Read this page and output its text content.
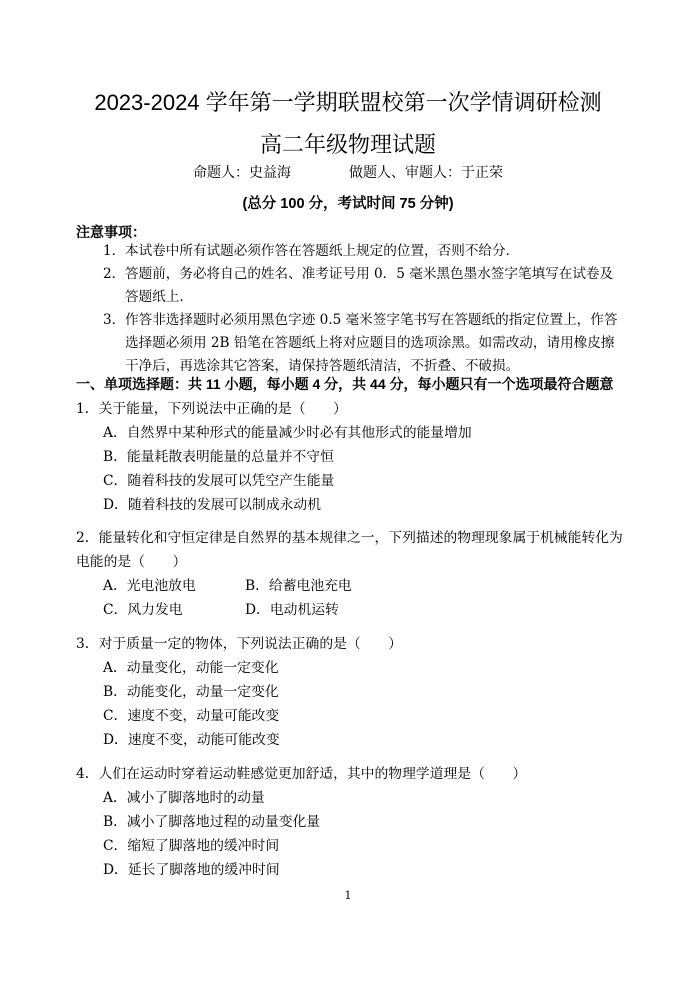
2023-2024 学年第一学期联盟校第一次学情调研检测
高二年级物理试题
命题人：史益海	做题人、审题人：于正荣
(总分 100 分，考试时间 75 分钟)
注意事项：
1． 本试卷中所有试题必须作答在答题纸上规定的位置，否则不给分．
2． 答题前，务必将自己的姓名、准考证号用 0．5 毫米黑色墨水签字笔填写在试卷及答题纸上．
3． 作答非选择题时必须用黑色字迹 0.5 毫米签字笔书写在答题纸的指定位置上，作答选择题必须用 2B 铅笔在答题纸上将对应题目的选项涂黑。如需改动，请用橡皮擦干净后，再选涂其它答案，请保持答题纸清洁，不折叠、不破损。
一、单项选择题：共 11 小题，每小题 4 分，共 44 分，每小题只有一个选项最符合题意
1．关于能量，下列说法中正确的是（　　）
A．自然界中某种形式的能量减少时必有其他形式的能量增加
B．能量耗散表明能量的总量并不守恒
C．随着科技的发展可以凭空产生能量
D．随着科技的发展可以制成永动机
2．能量转化和守恒定律是自然界的基本规律之一，下列描述的物理现象属于机械能转化为电能的是（　　）
A．光电池放电	B．给蓄电池充电
C．风力发电	D．电动机运转
3．对于质量一定的物体，下列说法正确的是（　　）
A．动量变化，动能一定变化
B．动能变化，动量一定变化
C．速度不变，动量可能改变
D．速度不变，动能可能改变
4．人们在运动时穿着运动鞋感觉更加舒适，其中的物理学道理是（　　）
A．减小了脚落地时的动量
B．减小了脚落地过程的动量变化量
C．缩短了脚落地的缓冲时间
D．延长了脚落地的缓冲时间
1
